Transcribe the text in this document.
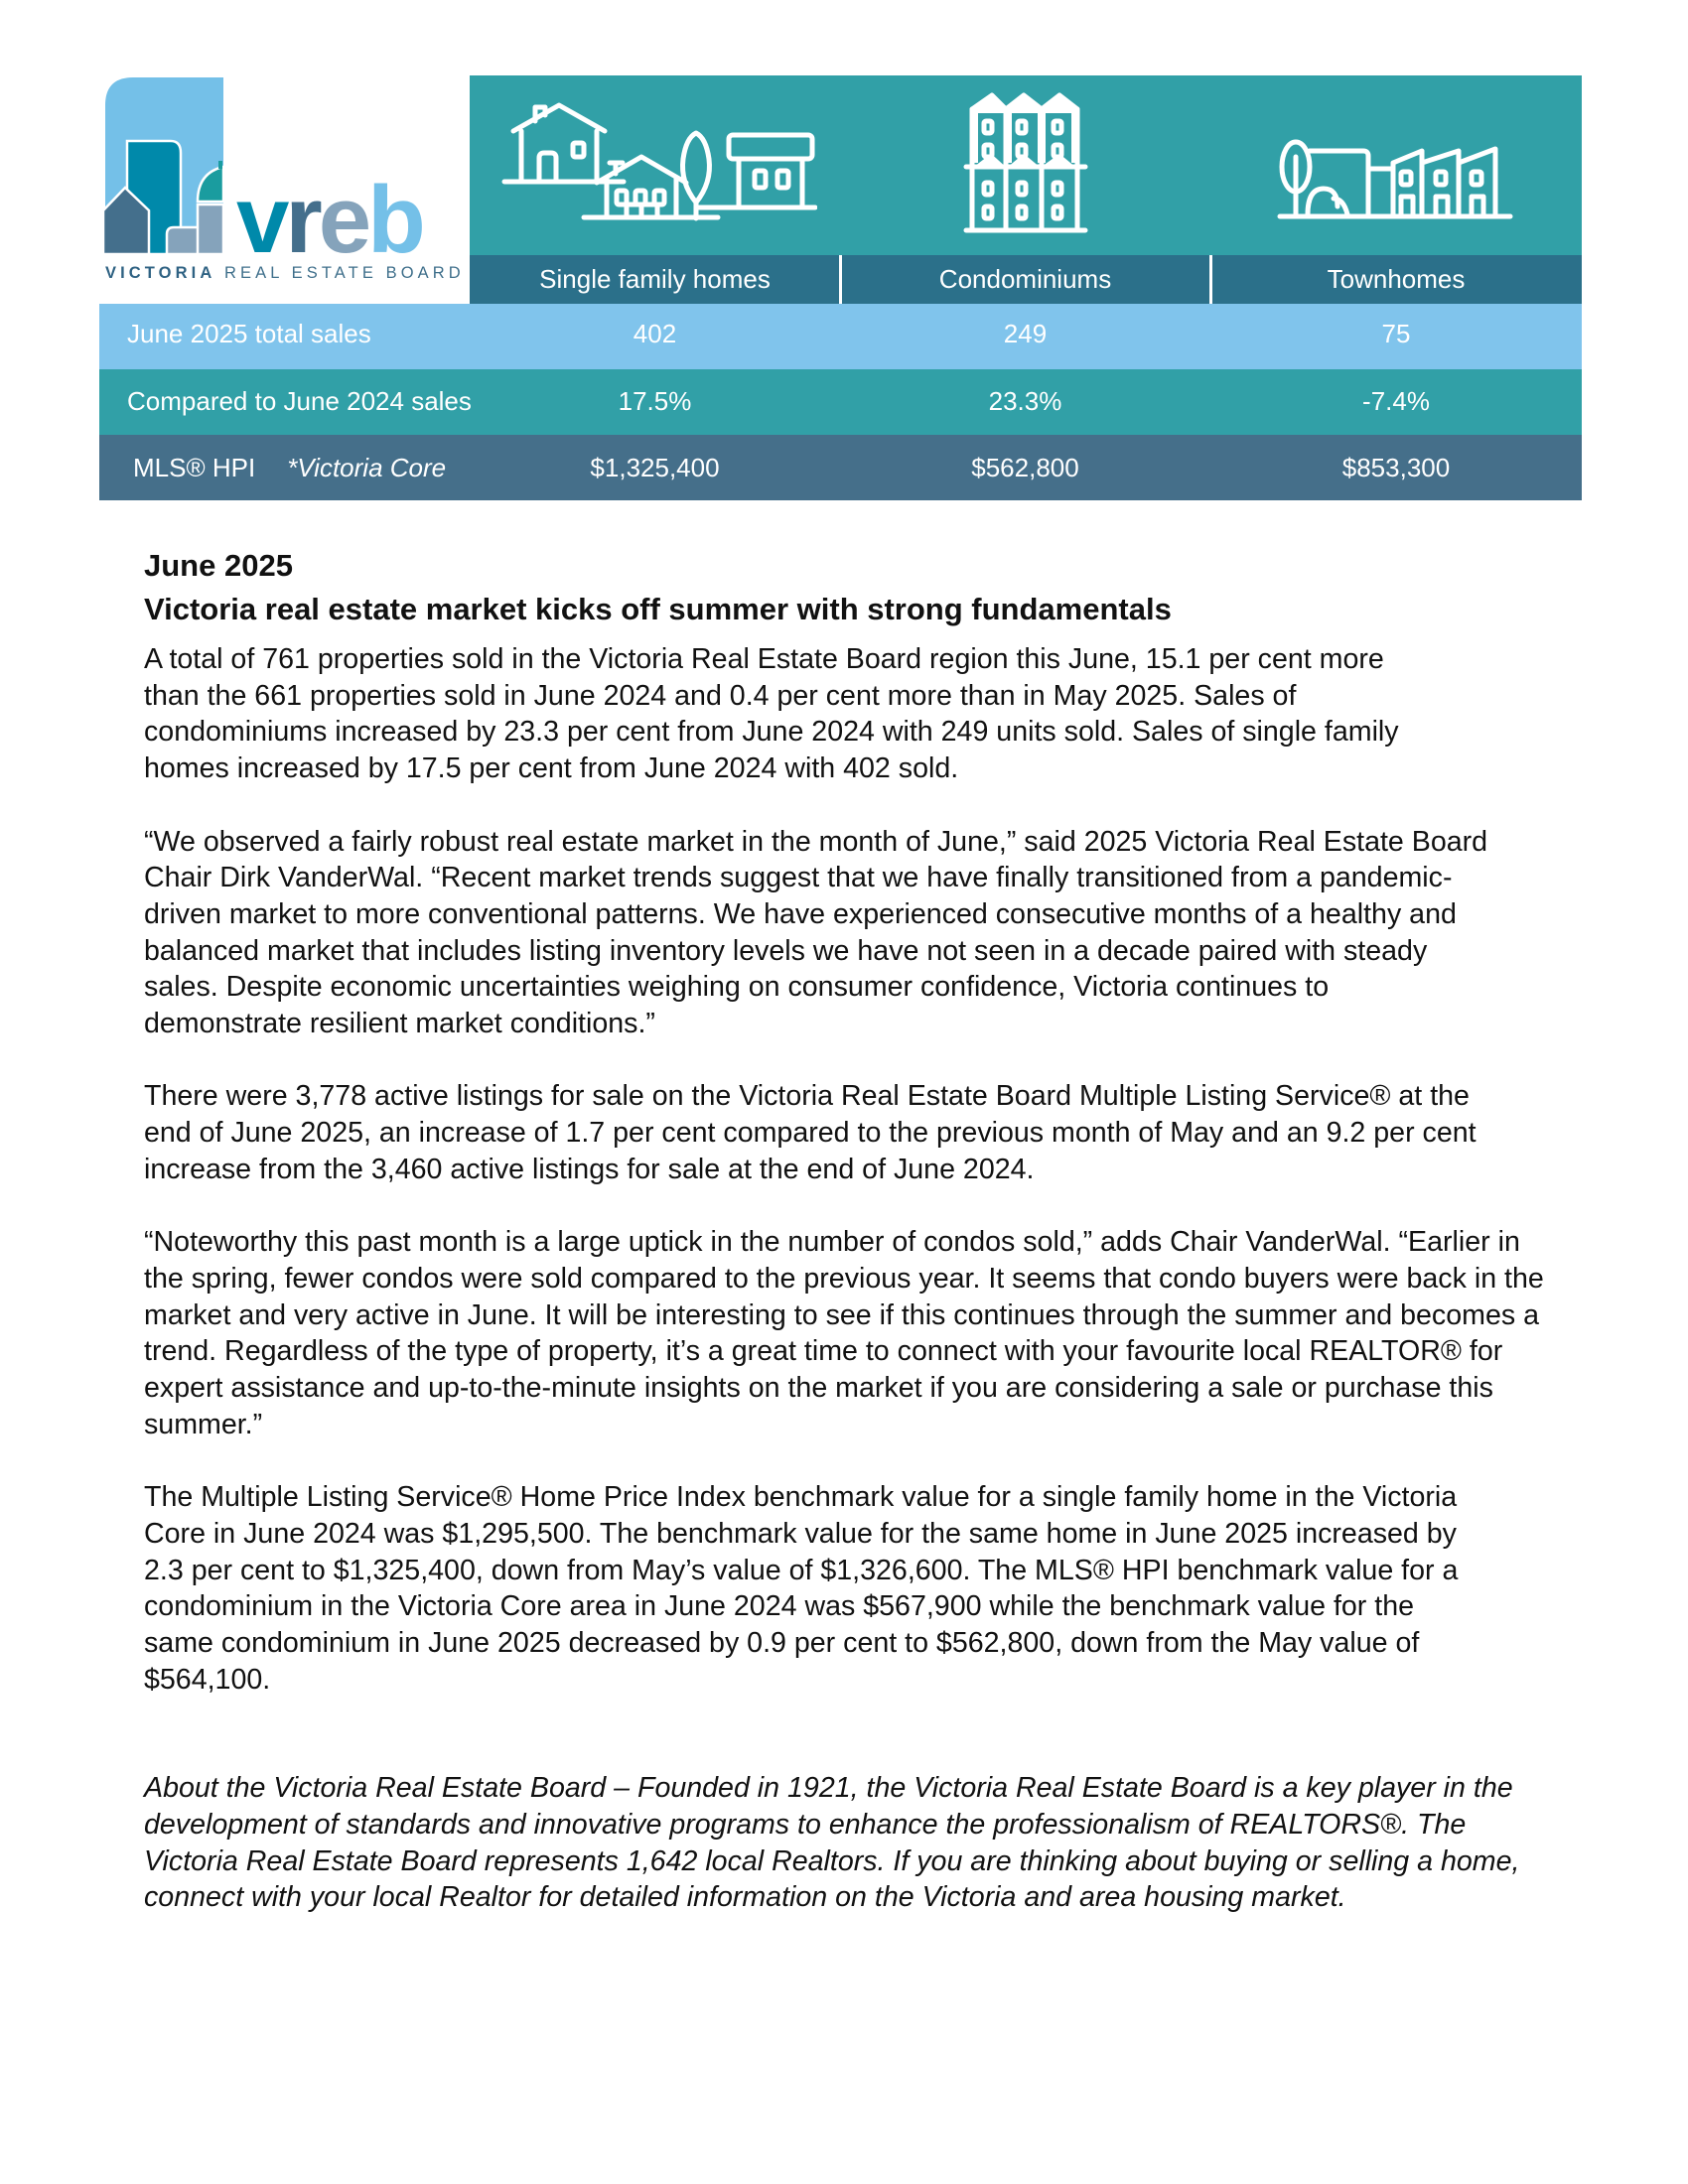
vreb
VICTORIA REAL ESTATE BOARD	Single family homes	Condominiums	Townhomes
June 2025 total sales	402	249	75
Compared to June 2024 sales	17.5%	23.3%	-7.4%
MLS® HPI *Victoria Core	$1,325,400	$562,800	$853,300
June 2025
Victoria real estate market kicks off summer with strong fundamentals

A total of 761 properties sold in the Victoria Real Estate Board region this June, 15.1 per cent more than the 661 properties sold in June 2024 and 0.4 per cent more than in May 2025. Sales of condominiums increased by 23.3 per cent from June 2024 with 249 units sold. Sales of single family homes increased by 17.5 per cent from June 2024 with 402 sold.

“We observed a fairly robust real estate market in the month of June,” said 2025 Victoria Real Estate Board Chair Dirk VanderWal. “Recent market trends suggest that we have finally transitioned from a pandemic-driven market to more conventional patterns. We have experienced consecutive months of a healthy and balanced market that includes listing inventory levels we have not seen in a decade paired with steady sales. Despite economic uncertainties weighing on consumer confidence, Victoria continues to demonstrate resilient market conditions.”

There were 3,778 active listings for sale on the Victoria Real Estate Board Multiple Listing Service® at the end of June 2025, an increase of 1.7 per cent compared to the previous month of May and an 9.2 per cent increase from the 3,460 active listings for sale at the end of June 2024.

“Noteworthy this past month is a large uptick in the number of condos sold,” adds Chair VanderWal. “Earlier in the spring, fewer condos were sold compared to the previous year. It seems that condo buyers were back in the market and very active in June. It will be interesting to see if this continues through the summer and becomes a trend. Regardless of the type of property, it’s a great time to connect with your favourite local REALTOR® for expert assistance and up-to-the-minute insights on the market if you are considering a sale or purchase this summer.”

The Multiple Listing Service® Home Price Index benchmark value for a single family home in the Victoria Core in June 2024 was $1,295,500. The benchmark value for the same home in June 2025 increased by 2.3 per cent to $1,325,400, down from May’s value of $1,326,600. The MLS® HPI benchmark value for a condominium in the Victoria Core area in June 2024 was $567,900 while the benchmark value for the same condominium in June 2025 decreased by 0.9 per cent to $562,800, down from the May value of $564,100.

About the Victoria Real Estate Board – Founded in 1921, the Victoria Real Estate Board is a key player in the development of standards and innovative programs to enhance the professionalism of REALTORS®. The Victoria Real Estate Board represents 1,642 local Realtors. If you are thinking about buying or selling a home, connect with your local Realtor for detailed information on the Victoria and area housing market.
